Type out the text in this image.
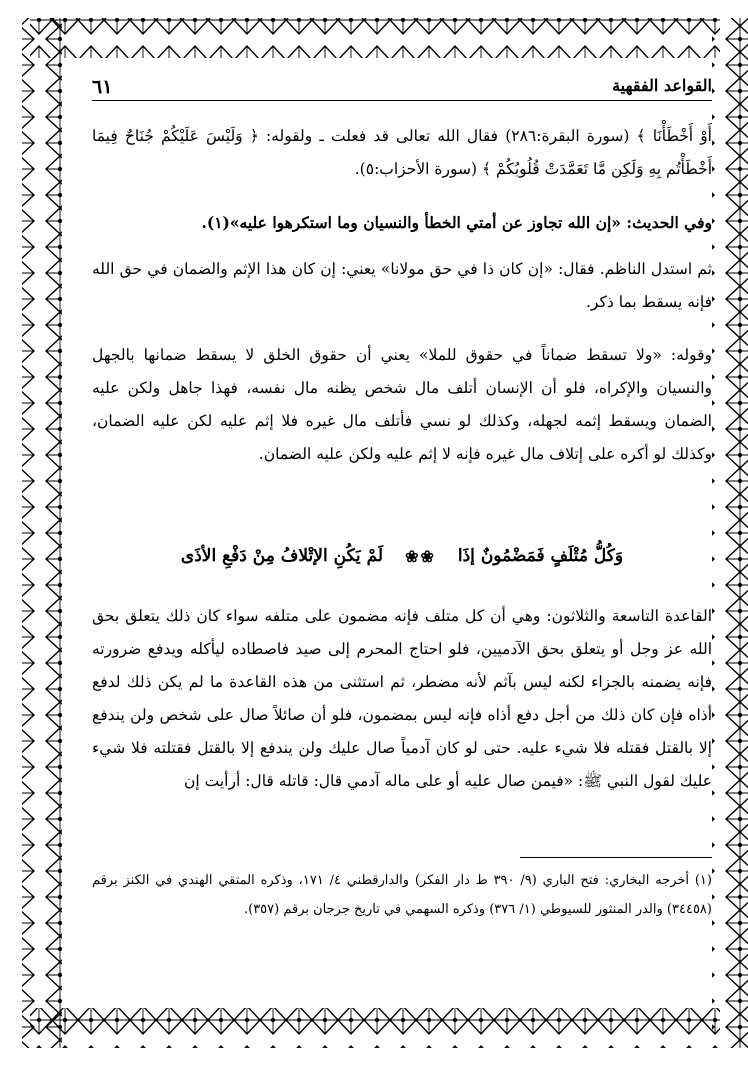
٦١	القواعد الفقهية

أَوْ أَخْطَأْنَا ﴾ (سورة البقرة:٢٨٦) فقال الله تعالى قد فعلت ـ ولقوله: ﴿ وَلَيْسَ عَلَيْكُمْ جُنَاحٌ فِيمَا أَخْطَأْتُم بِهِ وَلَكِن مَّا تَعَمَّدَتْ قُلُوبُكُمْ ﴾ (سورة الأحزاب:٥).

وفي الحديث: «إن الله تجاوز عن أمتي الخطأ والنسيان وما استكرهوا عليه»(١).

ثم استدل الناظم. فقال: «إن كان ذا في حق مولانا» يعني: إن كان هذا الإثم والضمان في حق الله فإنه يسقط بما ذكر.

وقوله: «ولا تسقط ضماناً في حقوق للملا» يعني أن حقوق الخلق لا يسقط ضمانها بالجهل والنسيان والإكراه، فلو أن الإنسان أتلف مال شخص يظنه مال نفسه، فهذا جاهل ولكن عليه الضمان ويسقط إثمه لجهله، وكذلك لو نسي فأتلف مال غيره فلا إثم عليه لكن عليه الضمان، وكذلك لو أكره على إتلاف مال غيره فإنه لا إثم عليه ولكن عليه الضمان.

وَكُلُّ مُتْلَفٍ فَمَضْمُونٌ إذَا
❀❀
لَمْ يَكُنِ الإتْلافُ مِنْ دَفْعِ الأذَى

القاعدة التاسعة والثلاثون: وهي أن كل متلف فإنه مضمون على متلفه سواء كان ذلك يتعلق بحق الله عز وجل أو يتعلق بحق الآدميين، فلو احتاج المحرم إلى صيد فاصطاده ليأكله ويدفع ضرورته فإنه يضمنه بالجزاء لكنه ليس بآثم لأنه مضطر، ثم استثنى من هذه القاعدة ما لم يكن ذلك لدفع أذاه فإن كان ذلك من أجل دفع أذاه فإنه ليس بمضمون، فلو أن صائلاً صال على شخص ولن يندفع إلا بالقتل فقتله فلا شيء عليه. حتى لو كان آدمياً صال عليك ولن يندفع إلا بالقتل فقتلته فلا شيء عليك لقول النبي ﷺ: «فيمن صال عليه أو على ماله آدمي قال: قاتله قال: أرأيت إن

(١) أخرجه البخاري: فتح الباري (٩/ ٣٩٠ ط دار الفكر) والدارقطني ٤/ ١٧١، وذكره المتقي الهندي في الكنز برقم (٣٤٤٥٨) والدر المنثور للسيوطي (١/ ٣٧٦) وذكره السهمي في تاريخ جرجان برقم (٣٥٧).
